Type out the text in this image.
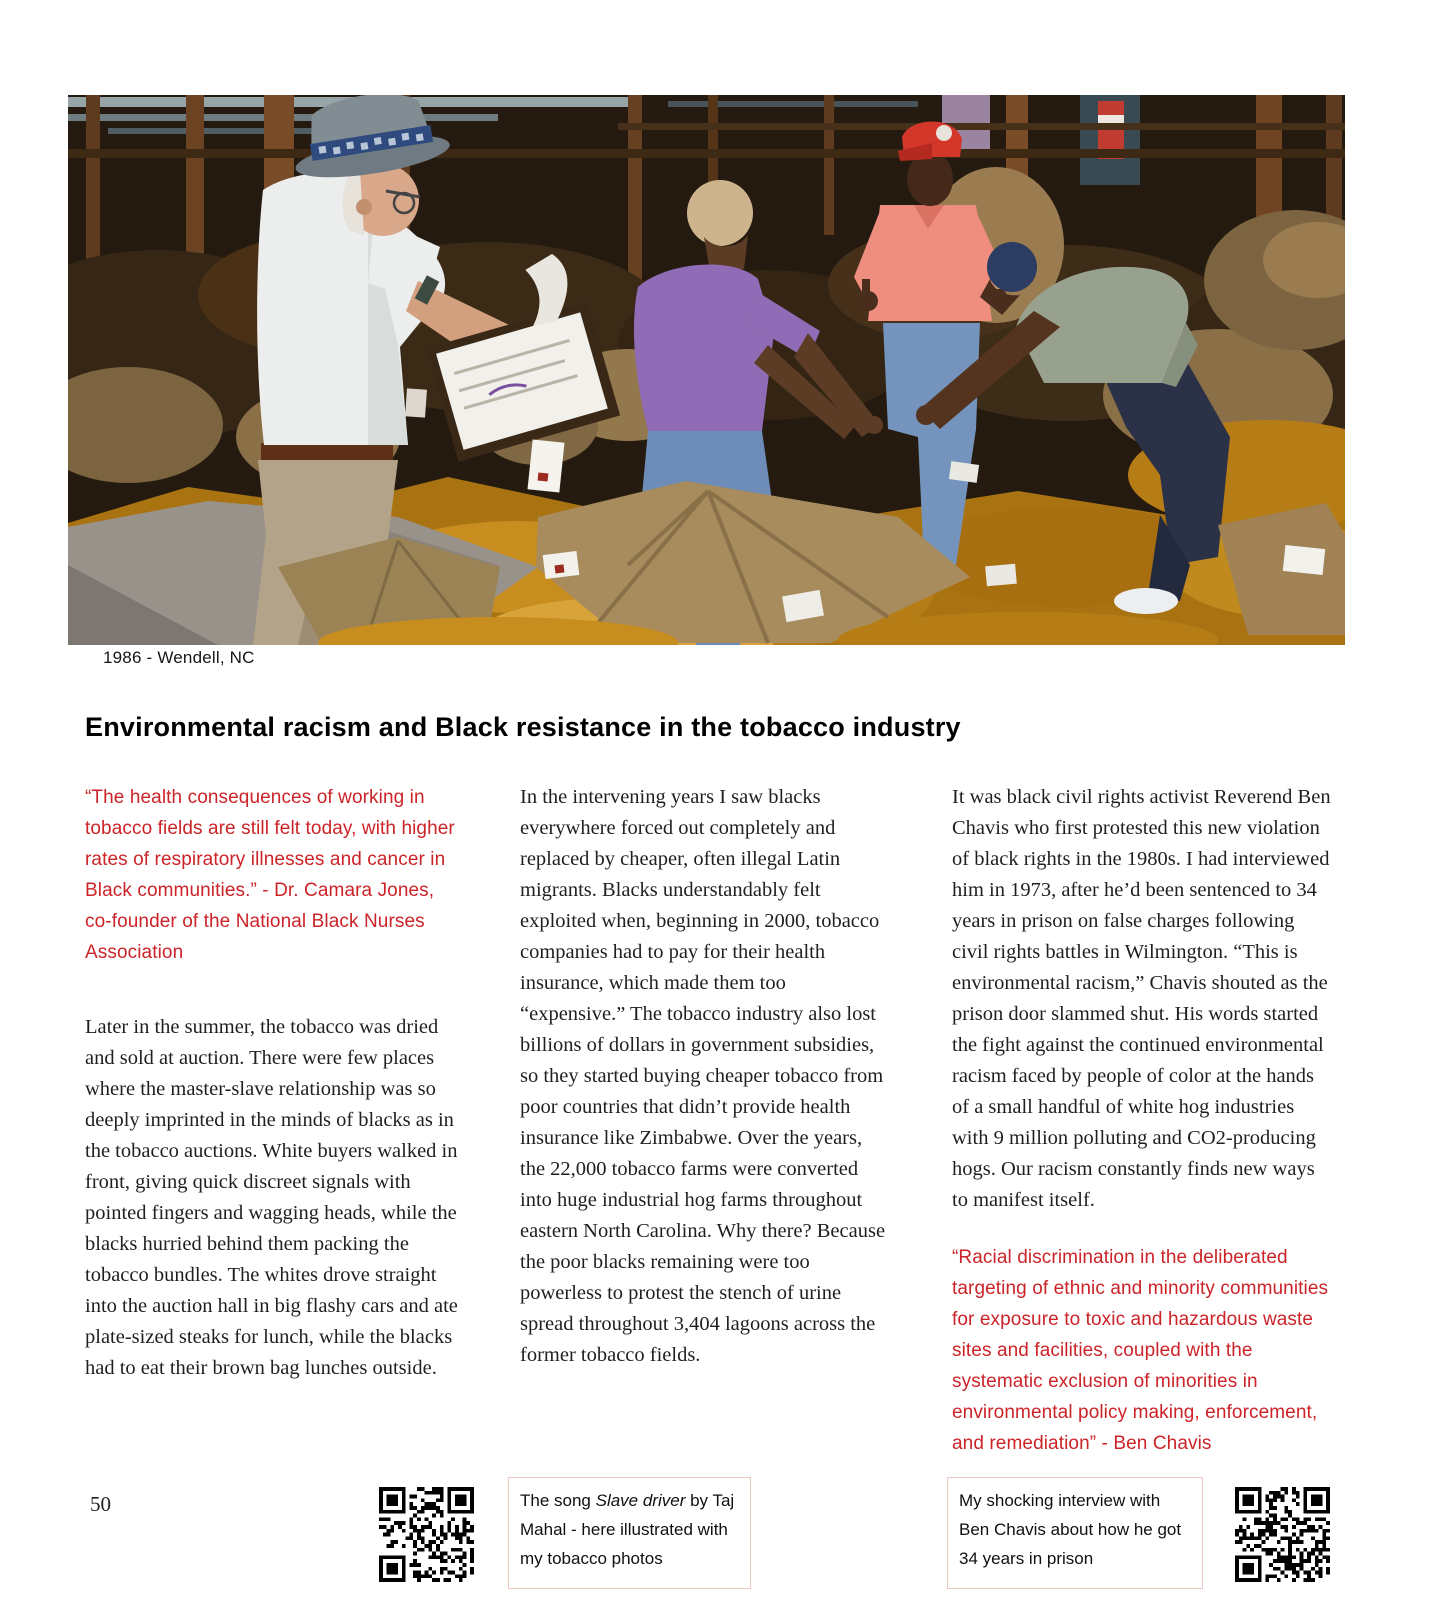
1986 - Wendell, NC
Environmental racism and Black resistance in the tobacco industry

“The health consequences of working in tobacco fields are still felt today, with higher rates of respiratory illnesses and cancer in Black communities.” - Dr. Camara Jones, co-founder of the National Black Nurses Association

Later in the summer, the tobacco was dried and sold at auction. There were few places where the master-slave relationship was so deeply imprinted in the minds of blacks as in the tobacco auctions. White buyers walked in front, giving quick discreet signals with pointed fingers and wagging heads, while the blacks hurried behind them packing the tobacco bundles. The whites drove straight into the auction hall in big flashy cars and ate plate-sized steaks for lunch, while the blacks had to eat their brown bag lunches outside.

In the intervening years I saw blacks everywhere forced out completely and replaced by cheaper, often illegal Latin migrants. Blacks understandably felt exploited when, beginning in 2000, tobacco companies had to pay for their health insurance, which made them too “expensive.” The tobacco industry also lost billions of dollars in government subsidies, so they started buying cheaper tobacco from poor countries that didn’t provide health insurance like Zimbabwe. Over the years, the 22,000 tobacco farms were converted into huge industrial hog farms throughout eastern North Carolina. Why there? Because the poor blacks remaining were too powerless to protest the stench of urine spread throughout 3,404 lagoons across the former tobacco fields.

It was black civil rights activist Reverend Ben Chavis who first protested this new violation of black rights in the 1980s. I had interviewed him in 1973, after he’d been sentenced to 34 years in prison on false charges following civil rights battles in Wilmington. “This is environmental racism,” Chavis shouted as the prison door slammed shut. His words started the fight against the continued environmental racism faced by people of color at the hands of a small handful of white hog industries with 9 million polluting and CO2-producing hogs. Our racism constantly finds new ways to manifest itself.

“Racial discrimination in the deliberated targeting of ethnic and minority communities for exposure to toxic and hazardous waste sites and facilities, coupled with the systematic exclusion of minorities in environmental policy making, enforcement, and remediation” - Ben Chavis

50	The song Slave driver by Taj Mahal - here illustrated with my tobacco photos
My shocking interview with Ben Chavis about how he got 34 years in prison
